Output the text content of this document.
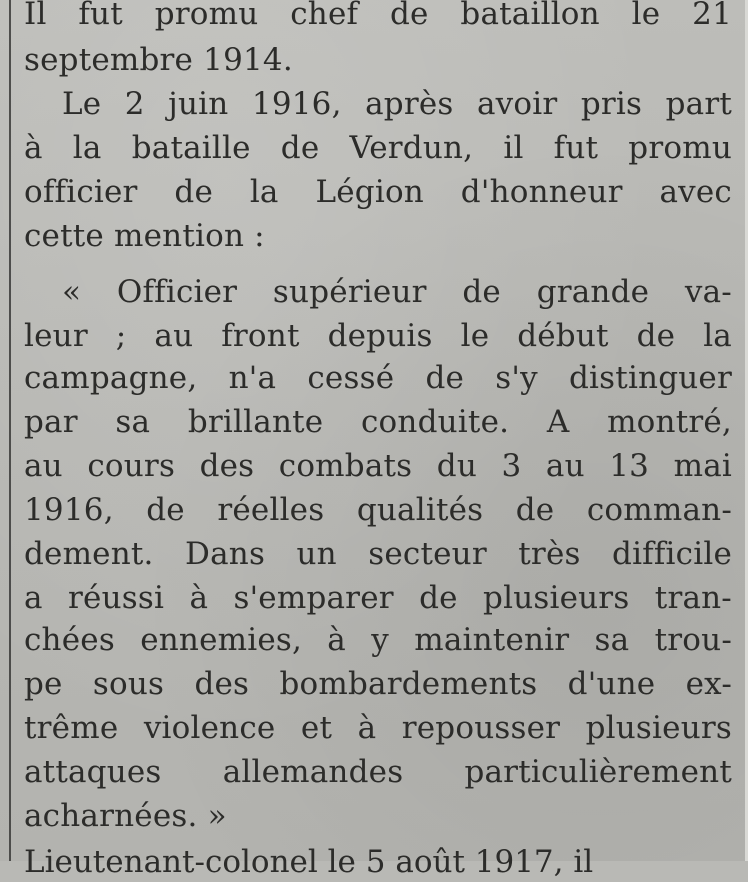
Il fut promu chef de bataillon le 21

septembre 1914.

Le 2 juin 1916, après avoir pris part

à la bataille de Verdun, il fut promu

officier de la Légion d'honneur avec

cette mention :

« Officier supérieur de grande va-

leur ; au front depuis le début de la

campagne, n'a cessé de s'y distinguer

par sa brillante conduite. A montré,

au cours des combats du 3 au 13 mai

1916, de réelles qualités de comman-

dement. Dans un secteur très difficile

a réussi à s'emparer de plusieurs tran-

chées ennemies, à y maintenir sa trou-

pe sous des bombardements d'une ex-

trême violence et à repousser plusieurs

attaques allemandes particulièrement

acharnées. »

Lieutenant-colonel le 5 août 1917, il
